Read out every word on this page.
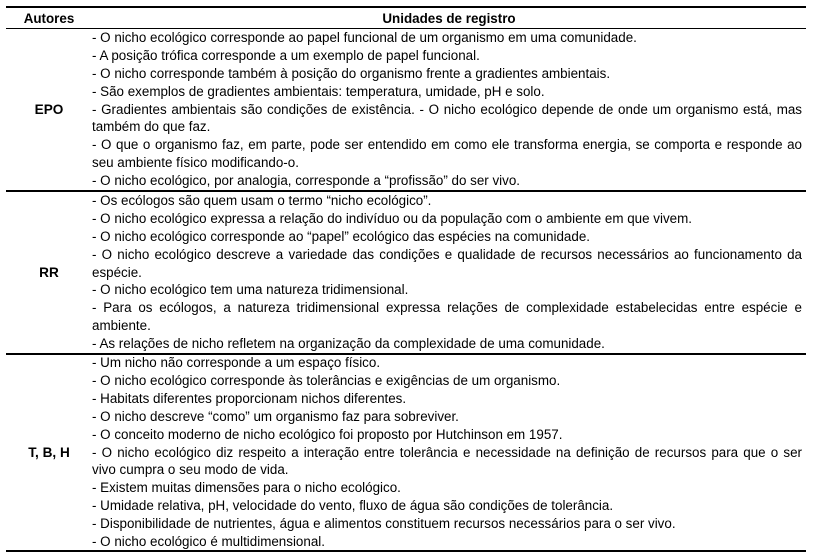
Autores	Unidades de registro
EPO
- O nicho ecológico corresponde ao papel funcional de um organismo em uma comunidade.
- A posição trófica corresponde a um exemplo de papel funcional.
- O nicho corresponde também à posição do organismo frente a gradientes ambientais.
- São exemplos de gradientes ambientais: temperatura, umidade, pH e solo.
- Gradientes ambientais são condições de existência. - O nicho ecológico depende de onde um organismo está, mas também do que faz.
- O que o organismo faz, em parte, pode ser entendido em como ele transforma energia, se comporta e responde ao seu ambiente físico modificando-o.
- O nicho ecológico, por analogia, corresponde a “profissão” do ser vivo.
RR
- Os ecólogos são quem usam o termo “nicho ecológico”.
- O nicho ecológico expressa a relação do indivíduo ou da população com o ambiente em que vivem.
- O nicho ecológico corresponde ao “papel” ecológico das espécies na comunidade.
- O nicho ecológico descreve a variedade das condições e qualidade de recursos necessários ao funcionamento da espécie.
- O nicho ecológico tem uma natureza tridimensional.
- Para os ecólogos, a natureza tridimensional expressa relações de complexidade estabelecidas entre espécie e ambiente.
- As relações de nicho refletem na organização da complexidade de uma comunidade.
T, B, H
- Um nicho não corresponde a um espaço físico.
- O nicho ecológico corresponde às tolerâncias e exigências de um organismo.
- Habitats diferentes proporcionam nichos diferentes.
- O nicho descreve “como” um organismo faz para sobreviver.
- O conceito moderno de nicho ecológico foi proposto por Hutchinson em 1957.
- O nicho ecológico diz respeito a interação entre tolerância e necessidade na definição de recursos para que o ser vivo cumpra o seu modo de vida.
- Existem muitas dimensões para o nicho ecológico.
- Umidade relativa, pH, velocidade do vento, fluxo de água são condições de tolerância.
- Disponibilidade de nutrientes, água e alimentos constituem recursos necessários para o ser vivo.
- O nicho ecológico é multidimensional.
